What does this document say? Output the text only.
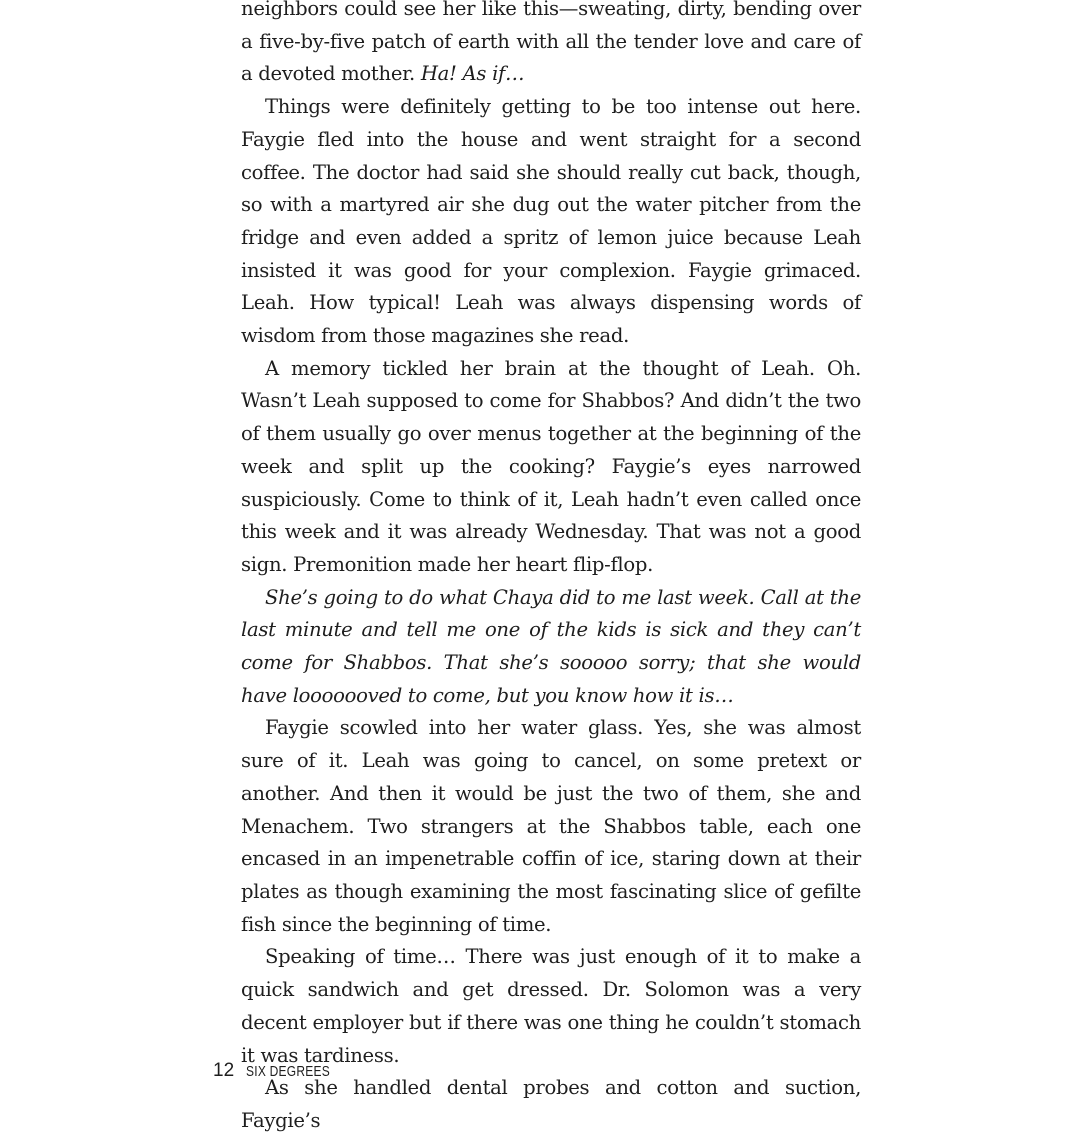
neighbors could see her like this—sweating, dirty, bending over a five-by-five patch of earth with all the tender love and care of a devoted mother. Ha! As if…

Things were definitely getting to be too intense out here. Faygie fled into the house and went straight for a second coffee. The doctor had said she should really cut back, though, so with a martyred air she dug out the water pitcher from the fridge and even added a spritz of lemon juice because Leah insisted it was good for your complexion. Faygie grimaced. Leah. How typical! Leah was always dispensing words of wisdom from those magazines she read.

A memory tickled her brain at the thought of Leah. Oh. Wasn’t Leah supposed to come for Shabbos? And didn’t the two of them usually go over menus together at the beginning of the week and split up the cooking? Faygie’s eyes narrowed suspiciously. Come to think of it, Leah hadn’t even called once this week and it was already Wednesday. That was not a good sign. Premonition made her heart flip-flop.

She’s going to do what Chaya did to me last week. Call at the last minute and tell me one of the kids is sick and they can’t come for Shabbos. That she’s sooooo sorry; that she would have looooooved to come, but you know how it is…

Faygie scowled into her water glass. Yes, she was almost sure of it. Leah was going to cancel, on some pretext or another. And then it would be just the two of them, she and Menachem. Two strangers at the Shabbos table, each one encased in an impenetrable coffin of ice, staring down at their plates as though examining the most fascinating slice of gefilte fish since the beginning of time.

Speaking of time… There was just enough of it to make a quick sandwich and get dressed. Dr. Solomon was a very decent employer but if there was one thing he couldn’t stomach it was tardiness.

As she handled dental probes and cotton and suction, Faygie’s

12 SIX DEGREES
